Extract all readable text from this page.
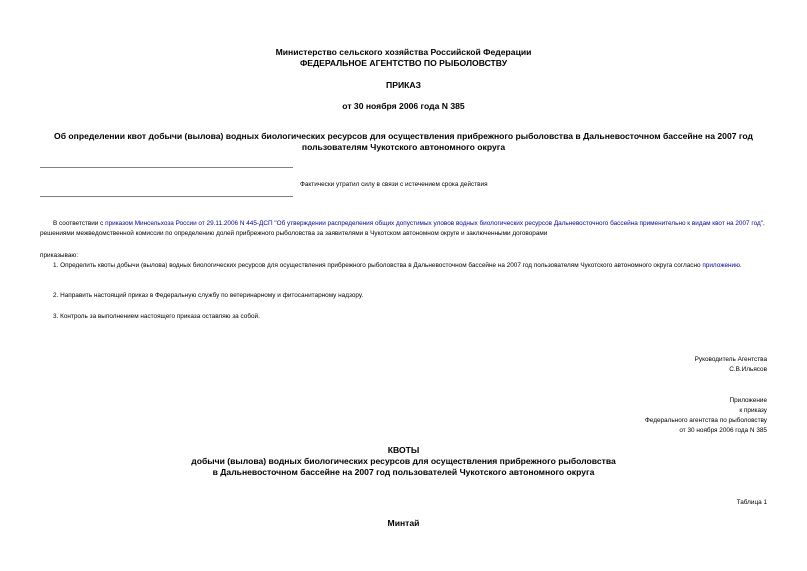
Министерство сельского хозяйства Российской Федерации
ФЕДЕРАЛЬНОЕ АГЕНТСТВО ПО РЫБОЛОВСТВУ
ПРИКАЗ
от 30 ноября 2006 года N 385
Об определении квот добычи (вылова) водных биологических ресурсов для осуществления прибрежного рыболовства в Дальневосточном бассейне на 2007 год
пользователям Чукотского автономного округа
Фактически утратил силу в связи с истечением срока действия
В соответствии с приказом Минсельхоза России от 29.11.2006 N 445-ДСП "Об утверждении распределения общих допустимых уловов водных биологических ресурсов Дальневосточного бассейна применительно к видам квот на 2007 год", решениями межведомственной комиссии по определению долей прибрежного рыболовства за заявителями в Чукотском автономном округе и заключенными договорами
приказываю:
1. Определить квоты добычи (вылова) водных биологических ресурсов для осуществления прибрежного рыболовства в Дальневосточном бассейне на 2007 год пользователям Чукотского автономного округа согласно приложению.
2. Направить настоящий приказ в Федеральную службу по ветеринарному и фитосанитарному надзору.
3. Контроль за выполнением настоящего приказа оставляю за собой.
Руководитель Агентства
С.В.Ильясов
Приложение
к приказу
Федерального агентства по рыболовству
от 30 ноября 2006 года N 385
КВОТЫ
добычи (вылова) водных биологических ресурсов для осуществления прибрежного рыболовства
в Дальневосточном бассейне на 2007 год пользователей Чукотского автономного округа
Таблица 1
Минтай
